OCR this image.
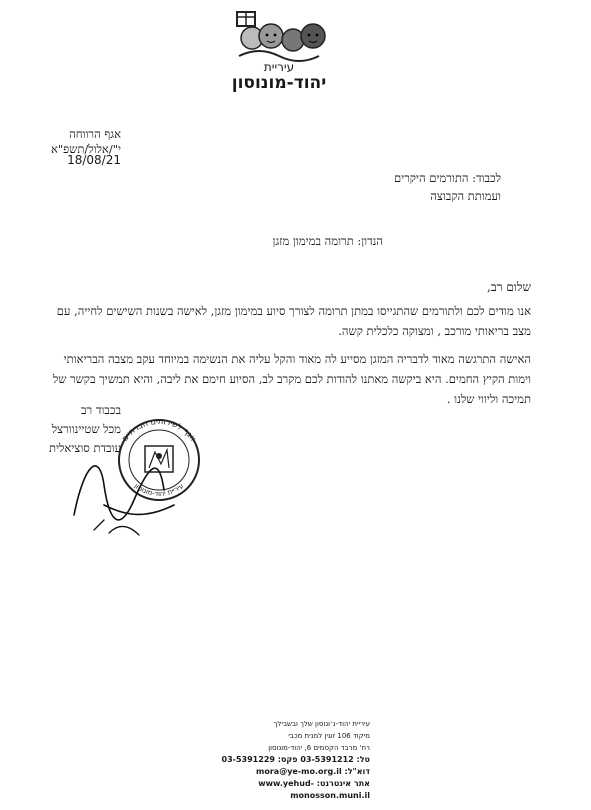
עיריית
יהוד-מונוסון
אגף הרווחה
י"/אלול/תשפ"א
18/08/21
לכבוד: התורמים היקרים
ועמותת הקבוצה
הנדון: תרומה במימון מזגן
שלום רב,
אנו מודים לכם ולתורמים שהתגייסו במתן תרומה לצורך סיוע במימון מזגן, לאישה בשנות השישים לחייה, עם מצב בריאותי מורכב , ומצוקה כלכלית קשה.
האישה התרגשה מאוד לדבריה המזגן מסייע לה מאוד והקל עליה את הנשימה במיוחד עקב מצבה הבריאותי וימות הקיץ החמים. היא ביקשה מאתנו להודות לכם מקרב לב, הסיוע חימם את ליבה, והיא תמשיך בקשר של תמיכה וליווי שלנו .
בכבוד רב
מכל שטיינוורצל
עובדת סוציאלית
אגף לשירותים חברתיים
עיריית יהוד-מונוסון
עיריית יהוד-נ׳ונוסון שלך ובשבילך
מיקוד 106 זוגין למנית מכבי
רח' מרבד הקסמים 6, יהוד-מונוסון
טל: 03-5391212 פקס: 03-5391229
דוא"ל: mora@ye-mo.org.il
אתר אינטרנט: www.yehud-monosson.muni.il
